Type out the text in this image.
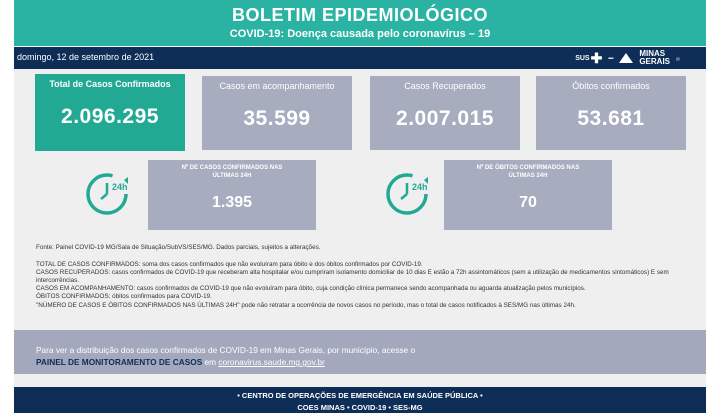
BOLETIM EPIDEMIOLÓGICO
COVID-19: Doença causada pelo coronavírus – 19
domingo, 12 de setembro de 2021	SUS ✚ ▬	MINAS
GERAIS ▤
Total de Casos Confirmados
2.096.295
Casos em acompanhamento
35.599
Casos Recuperados
2.007.015
Óbitos confirmados
53.681
24h
Nº DE CASOS CONFIRMADOS NAS ÚLTIMAS 24H
1.395
24h
Nº DE ÓBITOS CONFIRMADOS NAS ÚLTIMAS 24H
70
Fonte: Painel COVID-19 MG/Sala de Situação/SubVS/SES/MG. Dados parciais, sujeitos a alterações.
TOTAL DE CASOS CONFIRMADOS: soma dos casos confirmados que não evoluíram para óbito e dos óbitos confirmados por COVID-19.
CASOS RECUPERADOS: casos confirmados de COVID-19 que receberam alta hospitalar e/ou cumpriram isolamento domiciliar de 10 dias E estão a 72h assintomáticos (sem a utilização de medicamentos sintomáticos) E sem intercorrências.
CASOS EM ACOMPANHAMENTO: casos confirmados de COVID-19 que não evoluíram para óbito, cuja condição clínica permanece sendo acompanhada ou aguarda atualização pelos municípios.
ÓBITOS CONFIRMADOS: óbitos confirmados para COVID-19.
"NÚMERO DE CASOS E ÓBITOS CONFIRMADOS NAS ÚLTIMAS 24H" pode não retratar a ocorrência de novos casos no período, mas o total de casos notificados à SES/MG nas últimas 24h.
Para ver a distribuição dos casos confirmados de COVID-19 em Minas Gerais, por município, acesse o
PAINEL DE MONITORAMENTO DE CASOS em coronavirus.saude.mg.gov.br
• CENTRO DE OPERAÇÕES DE EMERGÊNCIA EM SAÚDE PÚBLICA •
COES MINAS • COVID-19 • SES-MG
